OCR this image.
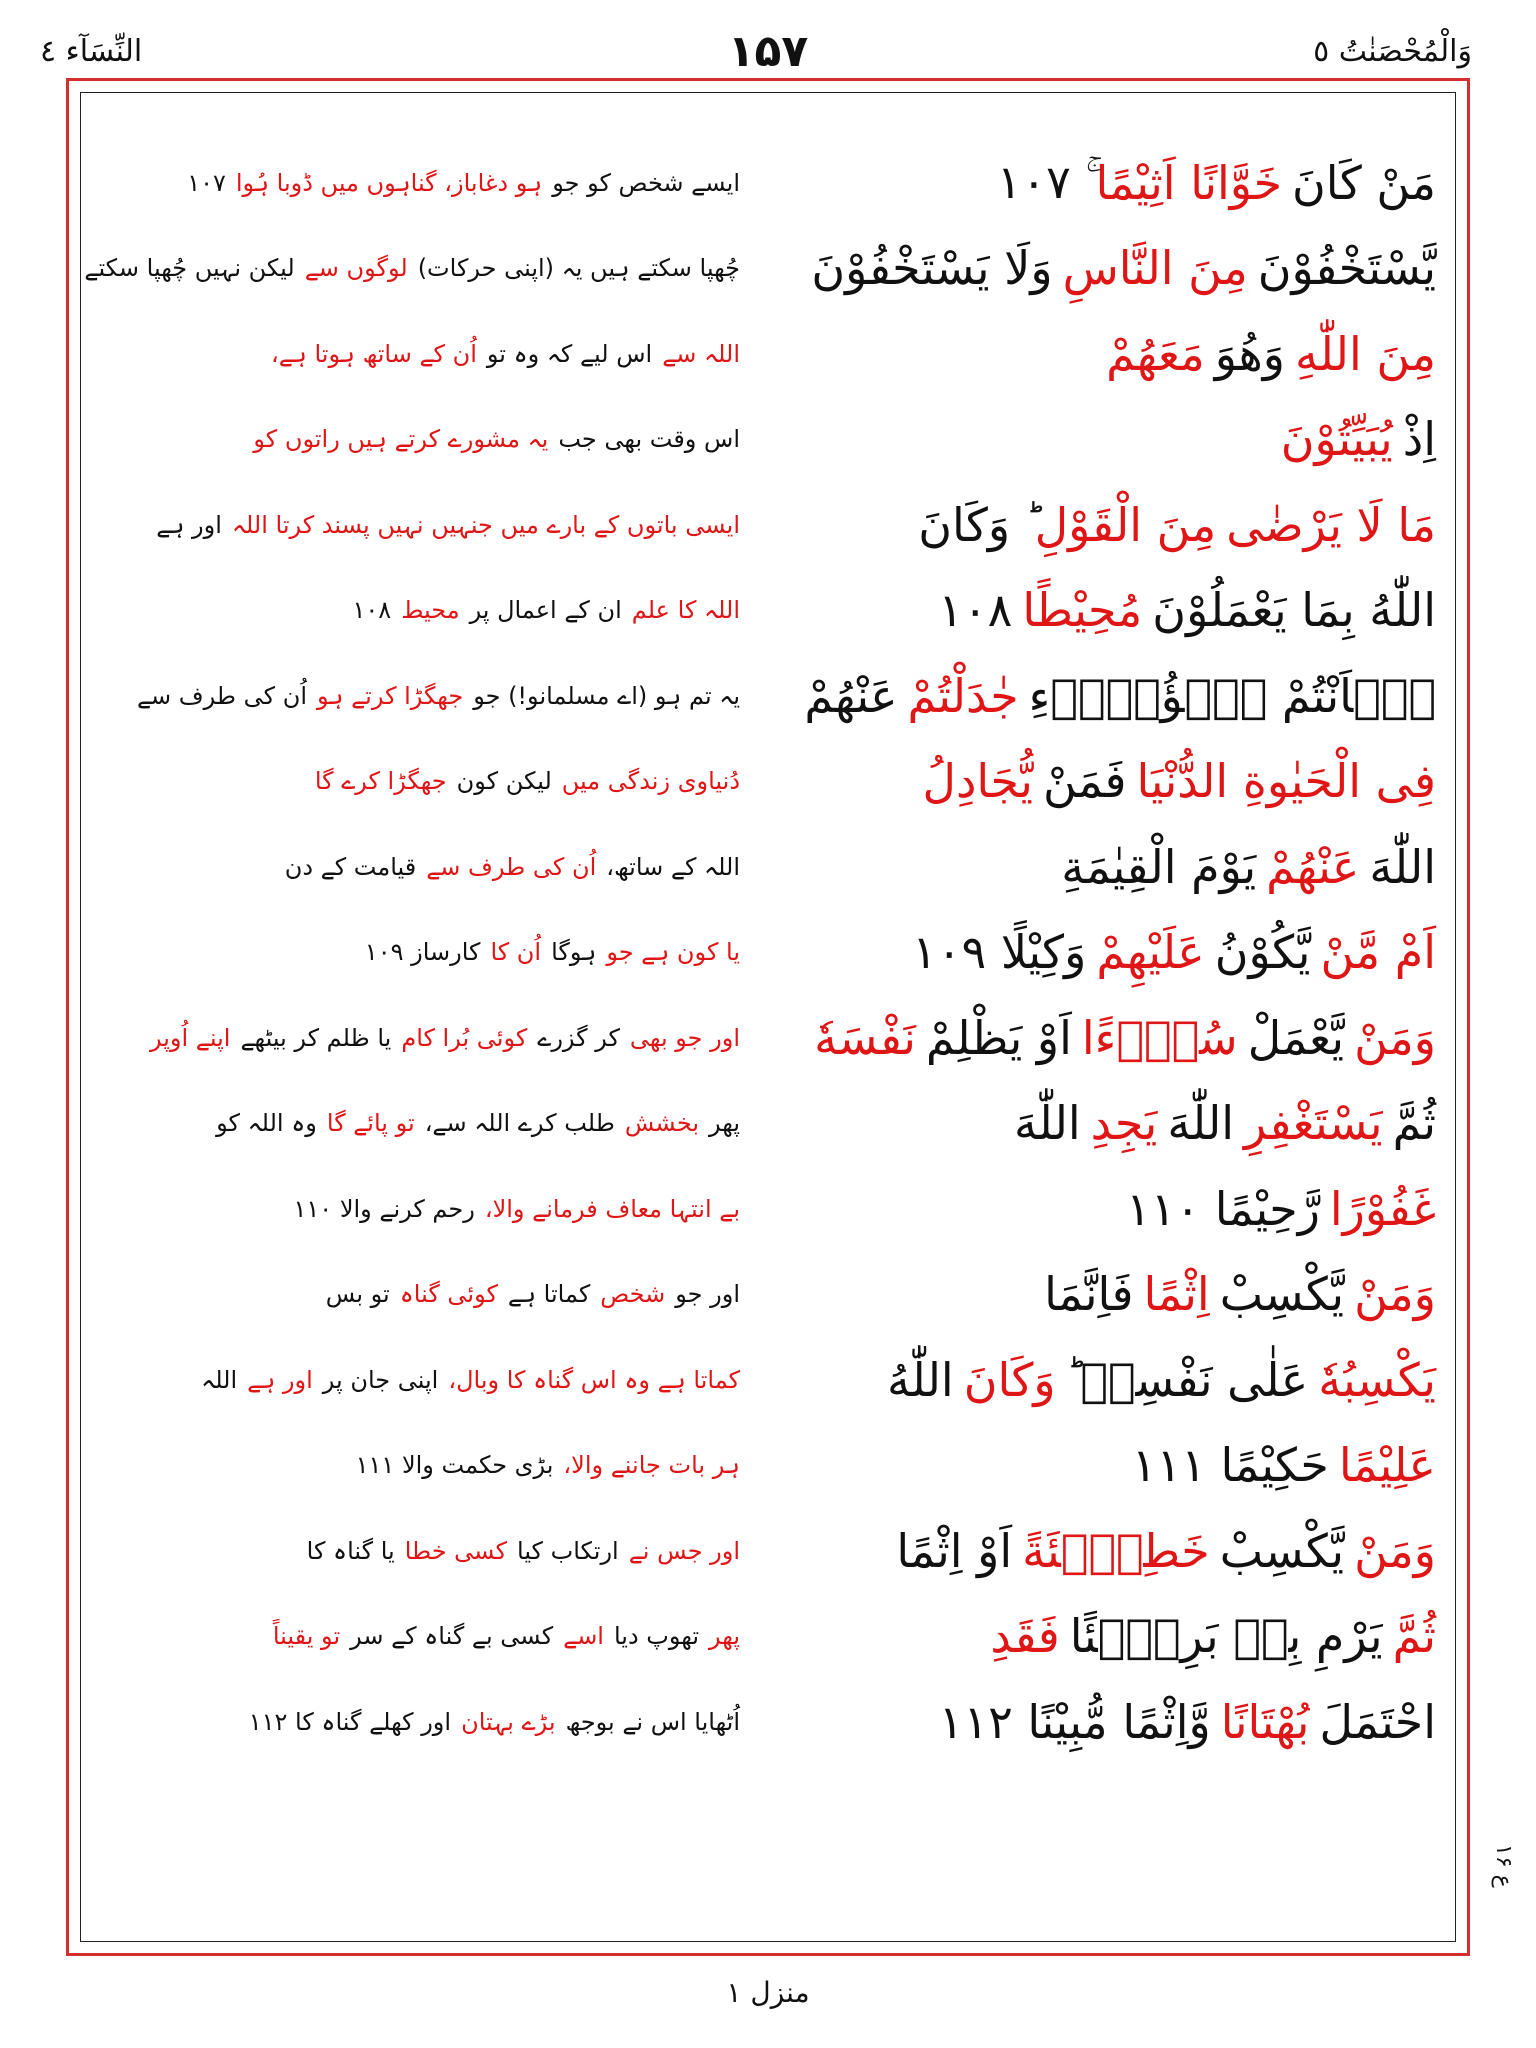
وَالْمُحْصَنٰتُ ٥
۱۵۷
النِّسَآء ٤
مَنْ كَانَ
خَوَّانًا اَثِيْمًا
ۚ ١٠٧
ایسے شخص کو جو
ہو دغاباز، گناہوں میں ڈوبا ہُوا
١٠٧
يَّسْتَخْفُوْنَ
مِنَ النَّاسِ
وَلَا يَسْتَخْفُوْنَ
چُھپا سکتے ہیں یہ (اپنی حرکات)
لوگوں سے
لیکن نہیں چُھپا سکتے
مِنَ اللّٰهِ
وَهُوَ
مَعَهُمْ
اللہ سے
اس لیے کہ وہ تو
اُن کے ساتھ ہوتا ہے،
اِذْ
يُبَيِّتُوْنَ
اس وقت بھی جب
یہ مشورے کرتے ہیں راتوں کو
مَا لَا يَرْضٰى
مِنَ الْقَوْلِ
ؕ وَكَانَ
ایسی باتوں کے بارے میں جنہیں نہیں پسند کرتا اللہ
اور ہے
اللّٰهُ بِمَا يَعْمَلُوْنَ
مُحِيْطًا
١٠٨
اللہ کا علم
ان کے اعمال پر
محیط
١٠٨
هٰۤاَنْتُمْ هٰۤؤُلَاۤءِ
جٰدَلْتُمْ
عَنْهُمْ
یہ تم ہو (اے مسلمانو!) جو
جھگڑا کرتے ہو
اُن کی طرف سے
فِى الْحَيٰوةِ الدُّنْيَا
فَمَنْ
يُّجَادِلُ
دُنیاوی زندگی میں
لیکن کون
جھگڑا کرے گا
اللّٰهَ
عَنْهُمْ
يَوْمَ الْقِيٰمَةِ
اللہ کے ساتھ،
اُن کی طرف سے
قیامت کے دن
اَمْ مَّنْ
يَّكُوْنُ
عَلَيْهِمْ
وَكِيْلًا ١٠٩
یا کون ہے جو
ہوگا
اُن کا
کارساز ١٠٩
وَمَنْ
يَّعْمَلْ
سُوْۤءًا
اَوْ يَظْلِمْ
نَفْسَهٗ
اور جو بھی
کر گزرے
کوئی بُرا کام
یا ظلم کر بیٹھے
اپنے اُوپر
ثُمَّ
يَسْتَغْفِرِ
اللّٰهَ
يَجِدِ
اللّٰهَ
پھر
بخشش
طلب کرے اللہ سے،
تو پائے گا
وہ اللہ کو
غَفُوْرًا
رَّحِيْمًا ١١٠
بے انتہا معاف فرمانے والا،
رحم کرنے والا ١١٠
وَمَنْ
يَّكْسِبْ
اِثْمًا
فَاِنَّمَا
اور جو
شخص
کماتا ہے
کوئی گناہ
تو بس
يَكْسِبُهٗ
عَلٰى نَفْسِهٖ ؕ
وَكَانَ
اللّٰهُ
کماتا ہے وہ اس گناہ کا وبال،
اپنی جان پر
اور ہے
اللہ
عَلِيْمًا
حَكِيْمًا ١١١
ہر بات جاننے والا،
بڑی حکمت والا ١١١
وَمَنْ
يَّكْسِبْ
خَطِيْۤئَةً
اَوْ اِثْمًا
اور جس نے
ارتکاب کیا
کسی خطا
یا گناہ کا
ثُمَّ
يَرْمِ بِهٖ بَرِيْۤئًا
فَقَدِ
پھر
تھوپ دیا
اسے
کسی بے گناہ کے سر
تو یقیناً
احْتَمَلَ
بُهْتَانًا
وَّاِثْمًا مُّبِيْنًا ١١٢
اُٹھایا اس نے بوجھ
بڑے بہتان
اور کھلے گناہ کا ١١٢
ع ۱۶
منزل ۱
